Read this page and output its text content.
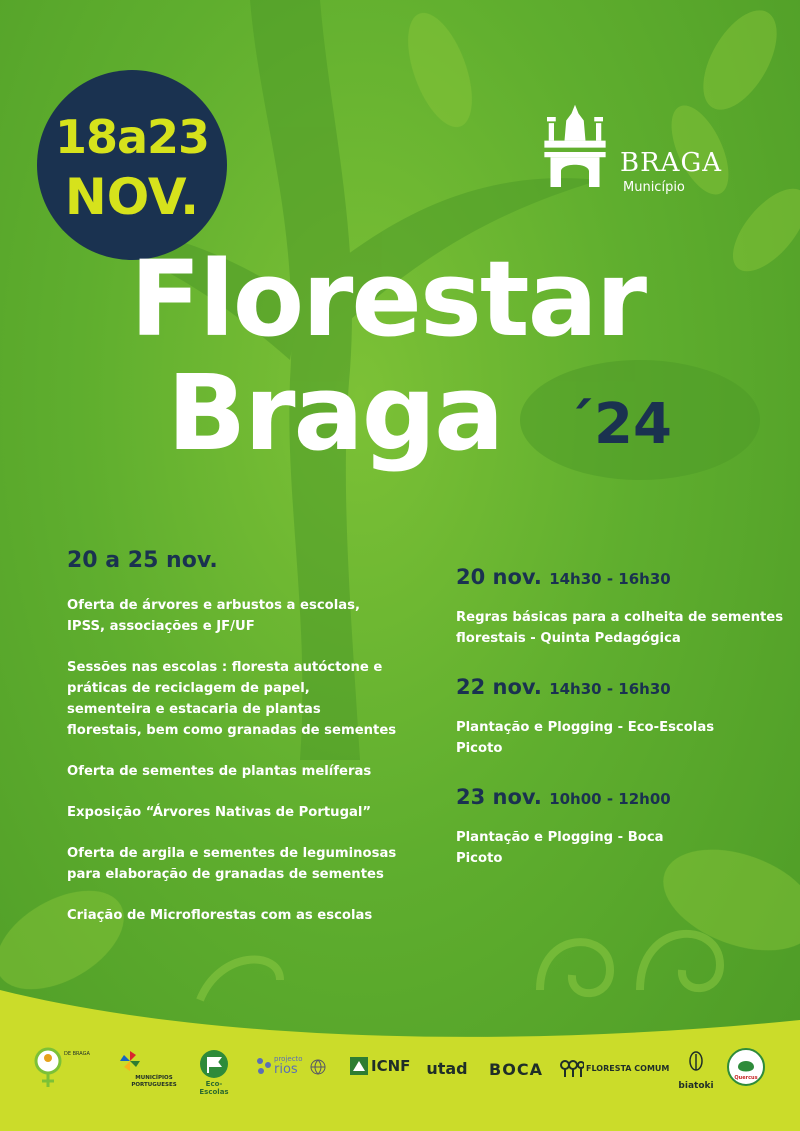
18a23
NOV.
BRAGA
Município
Florestar
Braga ´24
20 a 25 nov.
Oferta de árvores e arbustos a escolas, IPSS, associações e JF/UF
Sessões nas escolas : floresta autóctone e práticas de reciclagem de papel, sementeira e estacaria de plantas florestais, bem como granadas de sementes
Oferta de sementes de plantas melíferas
Exposição “Árvores Nativas de Portugal”
Oferta de argila e sementes de leguminosas para elaboração de granadas de sementes
Criação de Microflorestas com as escolas
20 nov. 14h30 - 16h30
Regras básicas para a colheita de sementes
florestais - Quinta Pedagógica
22 nov. 14h30 - 16h30
Plantação e Plogging - Eco-Escolas
Picoto
23 nov. 10h00 - 12h00
Plantação e Plogging - Boca
Picoto
DE BRAGA
MUNICÍPIOS PORTUGUESES	Eco-Escolas
projecto
rios	ICNF utad BOCA	FLORESTA COMUM
biatoki
Quercus
